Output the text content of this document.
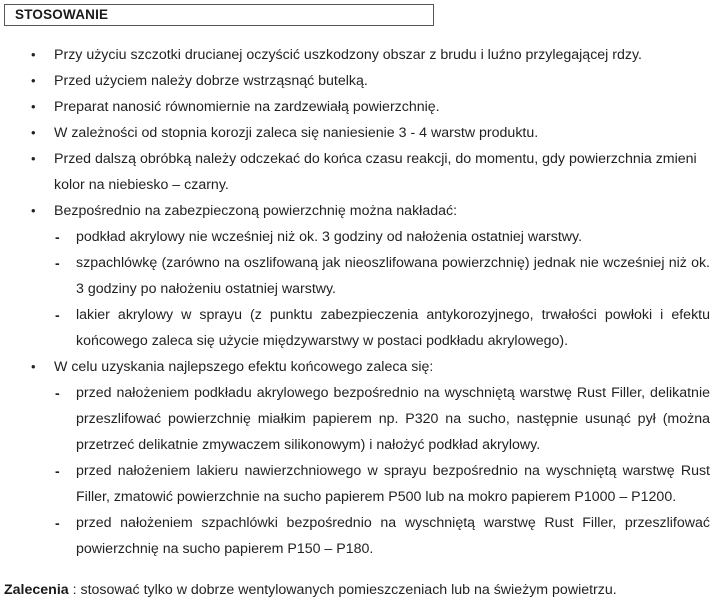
STOSOWANIE
• Przy użyciu szczotki drucianej oczyścić uszkodzony obszar z brudu i luźno przylegającej rdzy.
• Przed użyciem należy dobrze wstrząsnąć butelką.
• Preparat nanosić równomiernie na zardzewiałą powierzchnię.
• W zależności od stopnia korozji zaleca się naniesienie 3 - 4 warstw produktu.
• Przed dalszą obróbką należy odczekać do końca czasu reakcji, do momentu, gdy powierzchnia zmieni kolor na niebiesko – czarny.
• Bezpośrednio na zabezpieczoną powierzchnię można nakładać:
- podkład akrylowy nie wcześniej niż ok. 3 godziny od nałożenia ostatniej warstwy.
- szpachlówkę (zarówno na oszlifowaną jak nieoszlifowana powierzchnię) jednak nie wcześniej niż ok. 3 godziny po nałożeniu ostatniej warstwy.
- lakier akrylowy w sprayu (z punktu zabezpieczenia antykorozyjnego, trwałości powłoki i efektu końcowego zaleca się użycie międzywarstwy w postaci podkładu akrylowego).
• W celu uzyskania najlepszego efektu końcowego zaleca się:
- przed nałożeniem podkładu akrylowego bezpośrednio na wyschniętą warstwę Rust Filler, delikatnie przeszlifować powierzchnię miałkim papierem np. P320 na sucho, następnie usunąć pył (można przetrzeć delikatnie zmywaczem silikonowym) i nałożyć podkład akrylowy.
- przed nałożeniem lakieru nawierzchniowego w sprayu bezpośrednio na wyschniętą warstwę Rust Filler, zmatowić powierzchnie na sucho papierem P500 lub na mokro papierem P1000 – P1200.
- przed nałożeniem szpachlówki bezpośrednio na wyschniętą warstwę Rust Filler, przeszlifować powierzchnię na sucho papierem P150 – P180.
Zalecenia : stosować tylko w dobrze wentylowanych pomieszczeniach lub na świeżym powietrzu.
